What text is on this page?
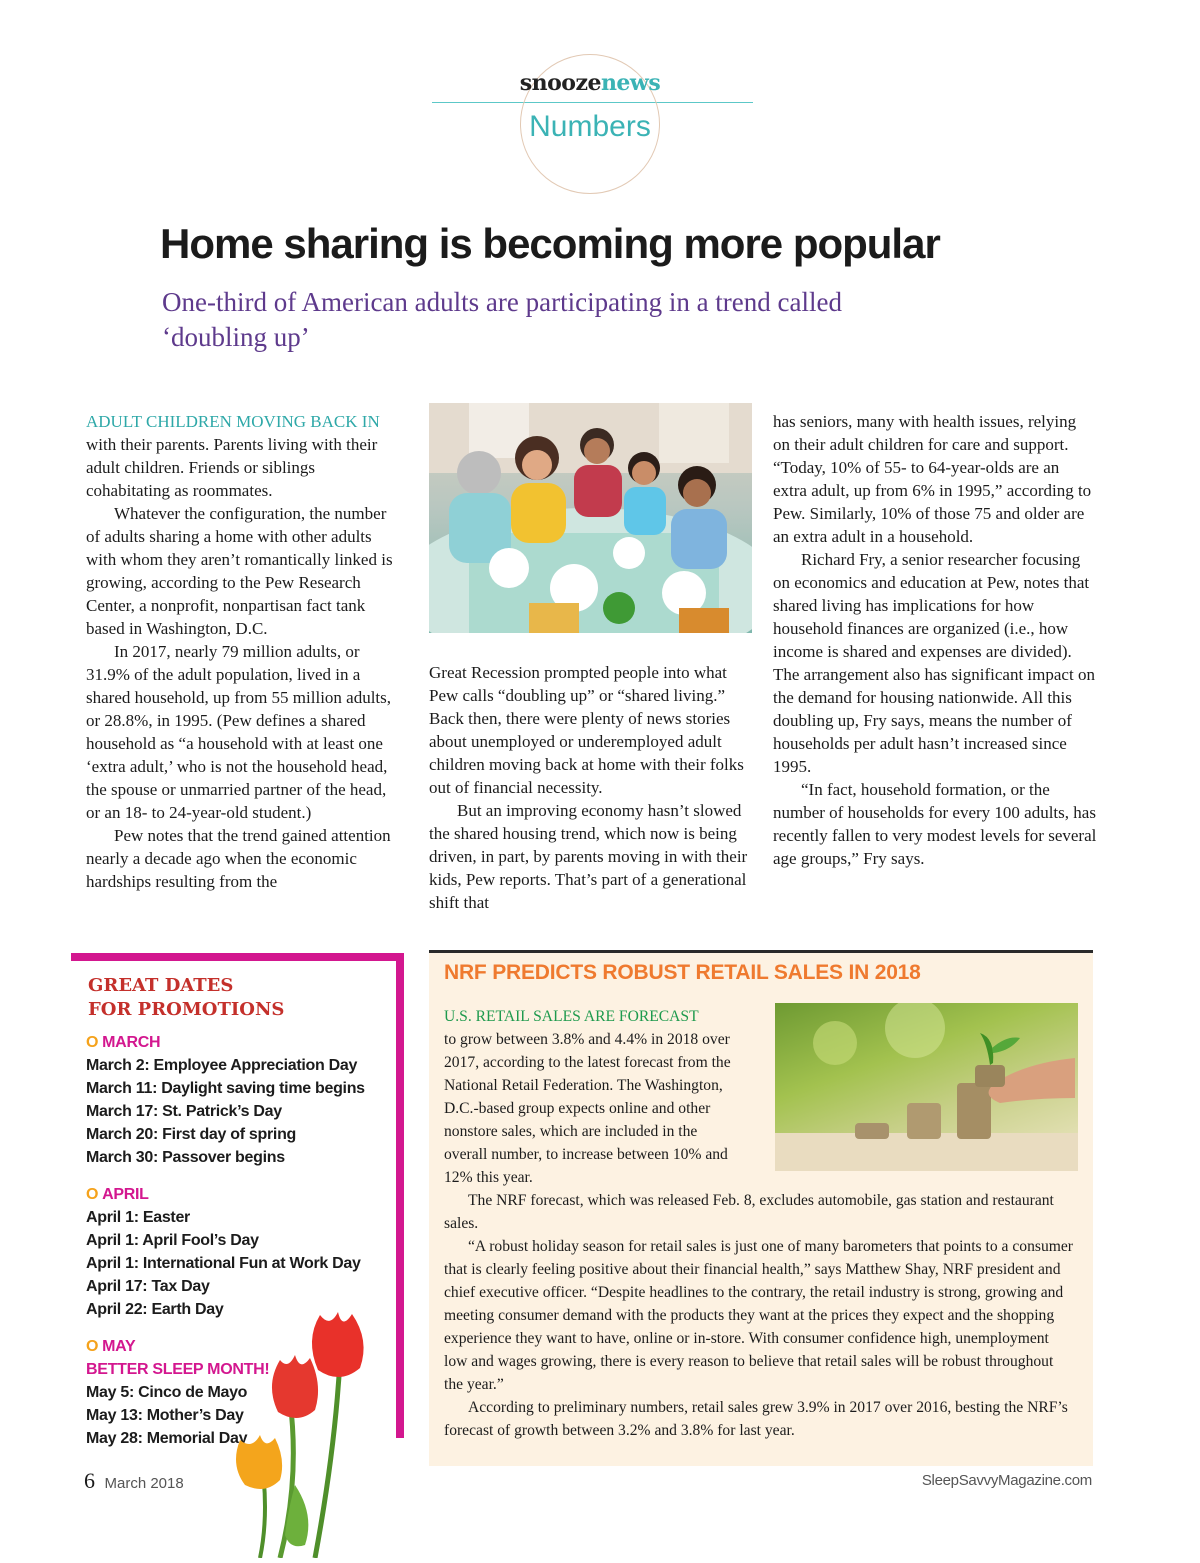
snoozenews
Numbers
Home sharing is becoming more popular

One-third of American adults are participating in a trend called ‘doubling up’

ADULT CHILDREN MOVING BACK IN

with their parents. Parents living with their adult children. Friends or siblings cohabitating as roommates.

Whatever the configuration, the number of adults sharing a home with other adults with whom they aren’t romantically linked is growing, according to the Pew Research Center, a nonprofit, nonpartisan fact tank based in Washington, D.C.

In 2017, nearly 79 million adults, or 31.9% of the adult population, lived in a shared household, up from 55 million adults, or 28.8%, in 1995. (Pew defines a shared household as “a household with at least one ‘extra adult,’ who is not the household head, the spouse or unmarried partner of the head, or an 18- to 24-year-old student.)

Pew notes that the trend gained attention nearly a decade ago when the economic hardships resulting from the

Great Recession prompted people into what Pew calls “doubling up” or “shared living.” Back then, there were plenty of news stories about unemployed or underemployed adult children moving back at home with their folks out of financial necessity.

But an improving economy hasn’t slowed the shared housing trend, which now is being driven, in part, by parents moving in with their kids, Pew reports. That’s part of a generational shift that

has seniors, many with health issues, relying on their adult children for care and support. “Today, 10% of 55- to 64-year-olds are an extra adult, up from 6% in 1995,” according to Pew. Similarly, 10% of those 75 and older are an extra adult in a household.

Richard Fry, a senior researcher focusing on economics and education at Pew, notes that shared living has implications for how household finances are organized (i.e., how income is shared and expenses are divided). The arrangement also has significant impact on the demand for housing nationwide. All this doubling up, Fry says, means the number of households per adult hasn’t increased since 1995.

“In fact, household formation, or the number of households for every 100 adults, has recently fallen to very modest levels for several age groups,” Fry says.

GREAT DATES
FOR PROMOTIONS
O MARCH
March 2: Employee Appreciation Day
March 11: Daylight saving time begins
March 17: St. Patrick’s Day
March 20: First day of spring
March 30: Passover begins
O APRIL
April 1: Easter
April 1: April Fool’s Day
April 1: International Fun at Work Day
April 17: Tax Day
April 22: Earth Day
O MAY
BETTER SLEEP MONTH!
May 5: Cinco de Mayo
May 13: Mother’s Day
May 28: Memorial Day
NRF PREDICTS ROBUST RETAIL SALES IN 2018
U.S. RETAIL SALES ARE FORECAST

to grow between 3.8% and 4.4% in 2018 over 2017, according to the latest forecast from the National Retail Federation. The Washington, D.C.-based group expects online and other nonstore sales, which are included in the overall number, to increase between 10% and 12% this year.

The NRF forecast, which was released Feb. 8, excludes automobile, gas station and restaurant sales.

“A robust holiday season for retail sales is just one of many barometers that points to a consumer that is clearly feeling positive about their financial health,” says Matthew Shay, NRF president and chief executive officer. “Despite headlines to the contrary, the retail industry is strong, growing and meeting consumer demand with the products they want at the prices they expect and the shopping experience they want to have, online or in-store. With consumer confidence high, unemployment low and wages growing, there is every reason to believe that retail sales will be robust throughout the year.”

According to preliminary numbers, retail sales grew 3.9% in 2017 over 2016, besting the NRF’s forecast of growth between 3.2% and 3.8% for last year.

6 March 2018	SleepSavvyMagazine.com
